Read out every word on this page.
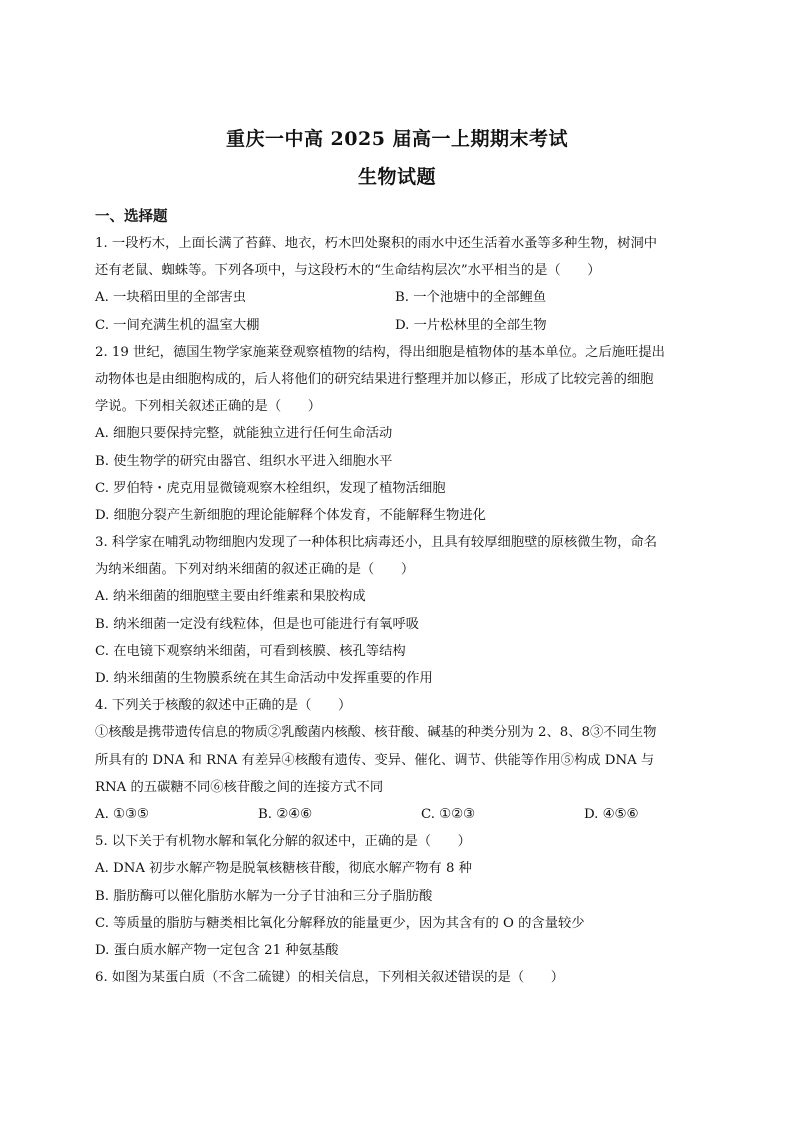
重庆一中高 2025 届高一上期期末考试
生物试题
一、选择题
1. 一段朽木，上面长满了苔藓、地衣，朽木凹处聚积的雨水中还生活着水蚤等多种生物，树洞中
还有老鼠、蜘蛛等。下列各项中，与这段朽木的“生命结构层次”水平相当的是（　　）
A. 一块稻田里的全部害虫	B. 一个池塘中的全部鲤鱼
C. 一间充满生机的温室大棚	D. 一片松林里的全部生物
2. 19 世纪，德国生物学家施莱登观察植物的结构，得出细胞是植物体的基本单位。之后施旺提出
动物体也是由细胞构成的，后人将他们的研究结果进行整理并加以修正，形成了比较完善的细胞
学说。下列相关叙述正确的是（　　）
A. 细胞只要保持完整，就能独立进行任何生命活动
B. 使生物学的研究由器官、组织水平进入细胞水平
C. 罗伯特・虎克用显微镜观察木栓组织，发现了植物活细胞
D. 细胞分裂产生新细胞的理论能解释个体发育，不能解释生物进化
3. 科学家在哺乳动物细胞内发现了一种体积比病毒还小，且具有较厚细胞壁的原核微生物，命名
为纳米细菌。下列对纳米细菌的叙述正确的是（　　）
A. 纳米细菌的细胞壁主要由纤维素和果胶构成
B. 纳米细菌一定没有线粒体，但是也可能进行有氧呼吸
C. 在电镜下观察纳米细菌，可看到核膜、核孔等结构
D. 纳米细菌的生物膜系统在其生命活动中发挥重要的作用
4. 下列关于核酸的叙述中正确的是（　　）
①核酸是携带遗传信息的物质②乳酸菌内核酸、核苷酸、碱基的种类分别为 2、8、8③不同生物
所具有的 DNA 和 RNA 有差异④核酸有遗传、变异、催化、调节、供能等作用⑤构成 DNA 与
RNA 的五碳糖不同⑥核苷酸之间的连接方式不同
A. ①③⑤	B. ②④⑥	C. ①②③	D. ④⑤⑥
5. 以下关于有机物水解和氧化分解的叙述中，正确的是（　　）
A. DNA 初步水解产物是脱氧核糖核苷酸，彻底水解产物有 8 种
B. 脂肪酶可以催化脂肪水解为一分子甘油和三分子脂肪酸
C. 等质量的脂肪与糖类相比氧化分解释放的能量更少，因为其含有的 O 的含量较少
D. 蛋白质水解产物一定包含 21 种氨基酸
6. 如图为某蛋白质（不含二硫键）的相关信息，下列相关叙述错误的是（　　）
